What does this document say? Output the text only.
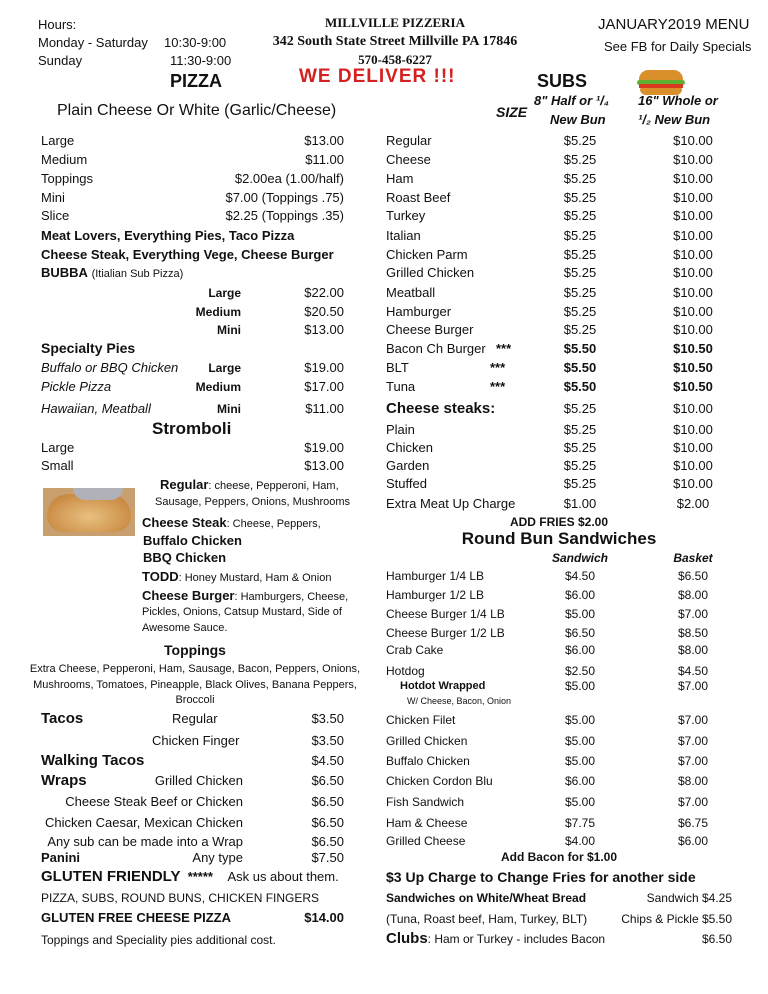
Hours:
Monday - Saturday 10:30-9:00
Sunday	11:30-9:00
MILLVILLE PIZZERIA
342 South State Street Millville PA 17846
570-458-6227
JANUARY2019 MENU
See FB for Daily Specials
WE DELIVER !!!
PIZZA
Plain Cheese Or White (Garlic/Cheese)
SUBS
SIZE
8" Half or ¹/₄
New Bun
16" Whole or
¹/₂ New Bun
Large	$13.00
Medium	$11.00
Toppings	$2.00ea (1.00/half)
Mini	$7.00 (Toppings .75)
Slice	$2.25 (Toppings .35)
Meat Lovers, Everything Pies, Taco Pizza
Cheese Steak, Everything Vege, Cheese Burger
BUBBA (Itialian Sub Pizza)
Large	$22.00
Medium	$20.50
Mini	$13.00
Specialty Pies
Buffalo or BBQ Chicken	Large	$19.00
Pickle Pizza	Medium	$17.00
Hawaiian, Meatball	Mini	$11.00
Stromboli
Large	$19.00
Small	$13.00
Regular: cheese, Pepperoni, Ham,
Sausage, Peppers, Onions, Mushrooms
Cheese Steak: Cheese, Peppers,
Buffalo Chicken
BBQ Chicken
TODD: Honey Mustard, Ham & Onion
Cheese Burger: Hamburgers, Cheese,
Pickles, Onions, Catsup Mustard, Side of
Awesome Sauce.
Toppings
Extra Cheese, Pepperoni, Ham, Sausage, Bacon, Peppers, Onions,
Mushrooms, Tomatoes, Pineapple, Black Olives, Banana Peppers,
Broccoli
Tacos	Regular	$3.50
Chicken Finger	$3.50
Walking Tacos	$4.50
Wraps	Grilled Chicken	$6.50
Cheese Steak Beef or Chicken	$6.50
Chicken Caesar, Mexican Chicken	$6.50
Any sub can be made into a Wrap	$6.50
Panini	Any type	$7.50
GLUTEN FRIENDLY ***** Ask us about them.
PIZZA, SUBS, ROUND BUNS, CHICKEN FINGERS
GLUTEN FREE CHEESE PIZZA	$14.00
Toppings and Speciality pies additional cost.
Regular	$5.25	$10.00
Cheese	$5.25	$10.00
Ham	$5.25	$10.00
Roast Beef	$5.25	$10.00
Turkey	$5.25	$10.00
Italian	$5.25	$10.00
Chicken Parm	$5.25	$10.00
Grilled Chicken	$5.25	$10.00
Meatball	$5.25	$10.00
Hamburger	$5.25	$10.00
Cheese Burger	$5.25	$10.00
Bacon Ch Burger ***	$5.50	$10.50
BLT	***	$5.50	$10.50
Tuna	***	$5.50	$10.50
Cheese steaks:	$5.25	$10.00
Plain	$5.25	$10.00
Chicken	$5.25	$10.00
Garden	$5.25	$10.00
Stuffed	$5.25	$10.00
Extra Meat Up Charge	$1.00	$2.00
ADD FRIES $2.00
Round Bun Sandwiches
Sandwich	Basket
Hamburger 1/4 LB	$4.50	$6.50
Hamburger 1/2 LB	$6.00	$8.00
Cheese Burger 1/4 LB	$5.00	$7.00
Cheese Burger 1/2 LB	$6.50	$8.50
Crab Cake	$6.00	$8.00
Hotdog	$2.50	$4.50
Hotdot Wrapped	$5.00	$7.00
W/ Cheese, Bacon, Onion
Chicken Filet	$5.00	$7.00
Grilled Chicken	$5.00	$7.00
Buffalo Chicken	$5.00	$7.00
Chicken Cordon Blu	$6.00	$8.00
Fish Sandwich	$5.00	$7.00
Ham & Cheese	$7.75	$6.75
Grilled Cheese	$4.00	$6.00
Add Bacon for $1.00
$3 Up Charge to Change Fries for another side
Sandwiches on White/Wheat Bread	Sandwich $4.25
(Tuna, Roast beef, Ham, Turkey, BLT)	Chips & Pickle $5.50
Clubs: Ham or Turkey - includes Bacon	$6.50
